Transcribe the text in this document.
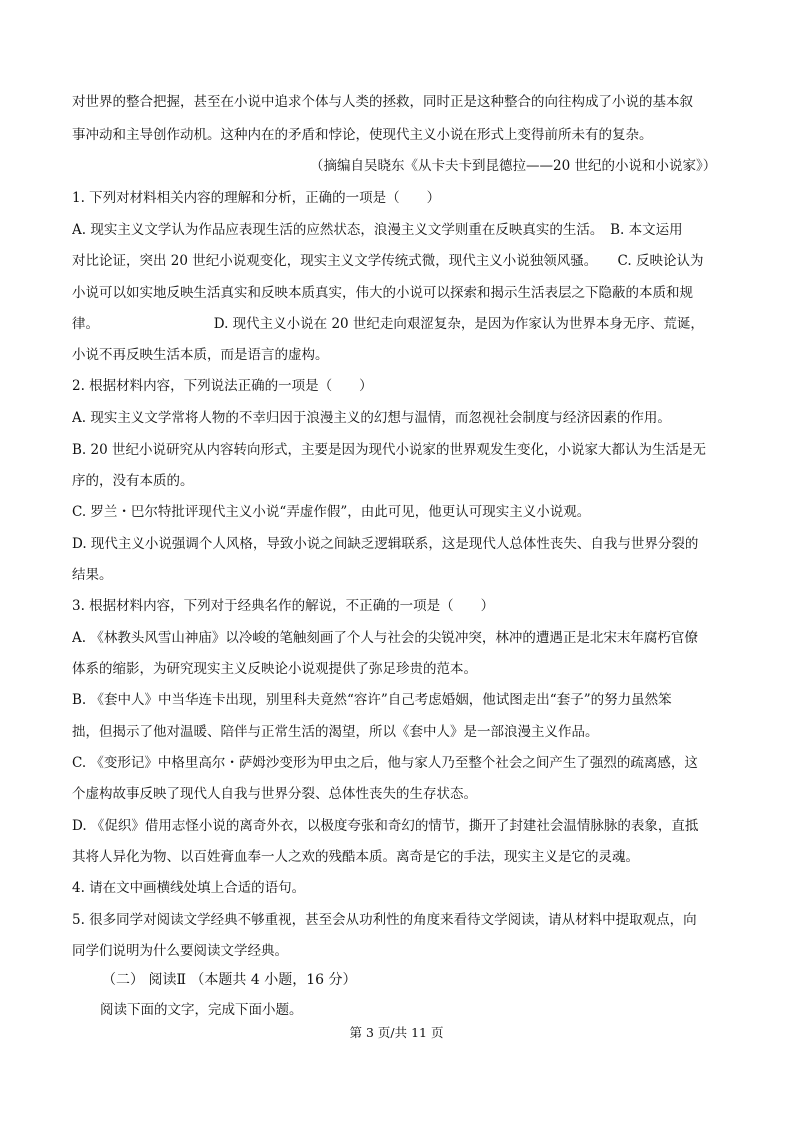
对世界的整合把握，甚至在小说中追求个体与人类的拯救，同时正是这种整合的向往构成了小说的基本叙
事冲动和主导创作动机。这种内在的矛盾和悖论，使现代主义小说在形式上变得前所未有的复杂。
（摘编自吴晓东《从卡夫卡到昆德拉——20 世纪的小说和小说家》）
1. 下列对材料相关内容的理解和分析，正确的一项是（　　）
A. 现实主义文学认为作品应表现生活的应然状态，浪漫主义文学则重在反映真实的生活。　B. 本文运用
对比论证，突出 20 世纪小说观变化，现实主义文学传统式微，现代主义小说独领风骚。　　C. 反映论认为
小说可以如实地反映生活真实和反映本质真实，伟大的小说可以探索和揭示生活表层之下隐蔽的本质和规
律。　　　　　　　　　D. 现代主义小说在 20 世纪走向艰涩复杂，是因为作家认为世界本身无序、荒诞，
小说不再反映生活本质，而是语言的虚构。
2. 根据材料内容，下列说法正确的一项是（　　）
A. 现实主义文学常将人物的不幸归因于浪漫主义的幻想与温情，而忽视社会制度与经济因素的作用。
B. 20 世纪小说研究从内容转向形式，主要是因为现代小说家的世界观发生变化，小说家大都认为生活是无
序的，没有本质的。
C. 罗兰・巴尔特批评现代主义小说“弄虚作假”，由此可见，他更认可现实主义小说观。
D. 现代主义小说强调个人风格，导致小说之间缺乏逻辑联系，这是现代人总体性丧失、自我与世界分裂的
结果。
3. 根据材料内容，下列对于经典名作的解说，不正确的一项是（　　）
A. 《林教头风雪山神庙》以冷峻的笔触刻画了个人与社会的尖锐冲突，林冲的遭遇正是北宋末年腐朽官僚
体系的缩影，为研究现实主义反映论小说观提供了弥足珍贵的范本。
B. 《套中人》中当华连卡出现，别里科夫竟然“容许”自己考虑婚姻，他试图走出“套子”的努力虽然笨
拙，但揭示了他对温暖、陪伴与正常生活的渴望，所以《套中人》是一部浪漫主义作品。
C. 《变形记》中格里高尔・萨姆沙变形为甲虫之后，他与家人乃至整个社会之间产生了强烈的疏离感，这
个虚构故事反映了现代人自我与世界分裂、总体性丧失的生存状态。
D. 《促织》借用志怪小说的离奇外衣，以极度夸张和奇幻的情节，撕开了封建社会温情脉脉的表象，直抵
其将人异化为物、以百姓膏血奉一人之欢的残酷本质。离奇是它的手法，现实主义是它的灵魂。
4. 请在文中画横线处填上合适的语句。
5. 很多同学对阅读文学经典不够重视，甚至会从功利性的角度来看待文学阅读，请从材料中提取观点，向
同学们说明为什么要阅读文学经典。
（二） 阅读Ⅱ （本题共 4 小题，16 分）
阅读下面的文字，完成下面小题。
第 3 页/共 11 页
